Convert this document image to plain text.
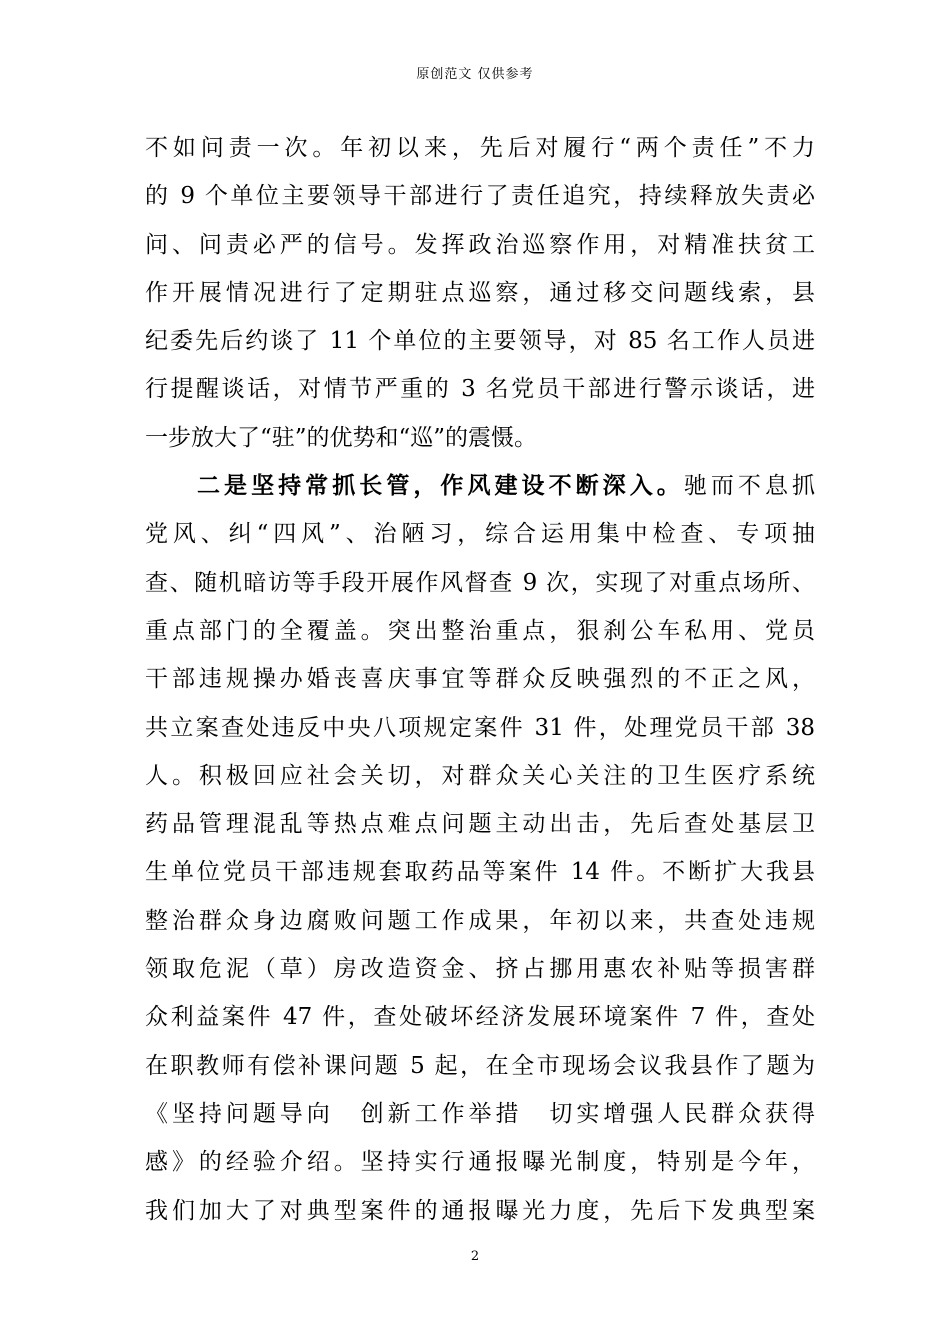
原创范文 仅供参考
不如问责一次。年初以来，先后对履行“两个责任”不力
的 9 个单位主要领导干部进行了责任追究，持续释放失责必
问、问责必严的信号。发挥政治巡察作用，对精准扶贫工
作开展情况进行了定期驻点巡察，通过移交问题线索，县
纪委先后约谈了 11 个单位的主要领导，对 85 名工作人员进
行提醒谈话，对情节严重的 3 名党员干部进行警示谈话，进
一步放大了“驻”的优势和“巡”的震慑。
二是坚持常抓长管，作风建设不断深入。驰而不息抓
党风、纠“四风”、治陋习，综合运用集中检查、专项抽
查、随机暗访等手段开展作风督查 9 次，实现了对重点场所、
重点部门的全覆盖。突出整治重点，狠刹公车私用、党员
干部违规操办婚丧喜庆事宜等群众反映强烈的不正之风，
共立案查处违反中央八项规定案件 31 件，处理党员干部 38
人。积极回应社会关切，对群众关心关注的卫生医疗系统
药品管理混乱等热点难点问题主动出击，先后查处基层卫
生单位党员干部违规套取药品等案件 14 件。不断扩大我县
整治群众身边腐败问题工作成果，年初以来，共查处违规
领取危泥（草）房改造资金、挤占挪用惠农补贴等损害群
众利益案件 47 件，查处破坏经济发展环境案件 7 件，查处
在职教师有偿补课问题 5 起，在全市现场会议我县作了题为
《坚持问题导向　创新工作举措　切实增强人民群众获得
感》的经验介绍。坚持实行通报曝光制度，特别是今年，
我们加大了对典型案件的通报曝光力度，先后下发典型案
2
